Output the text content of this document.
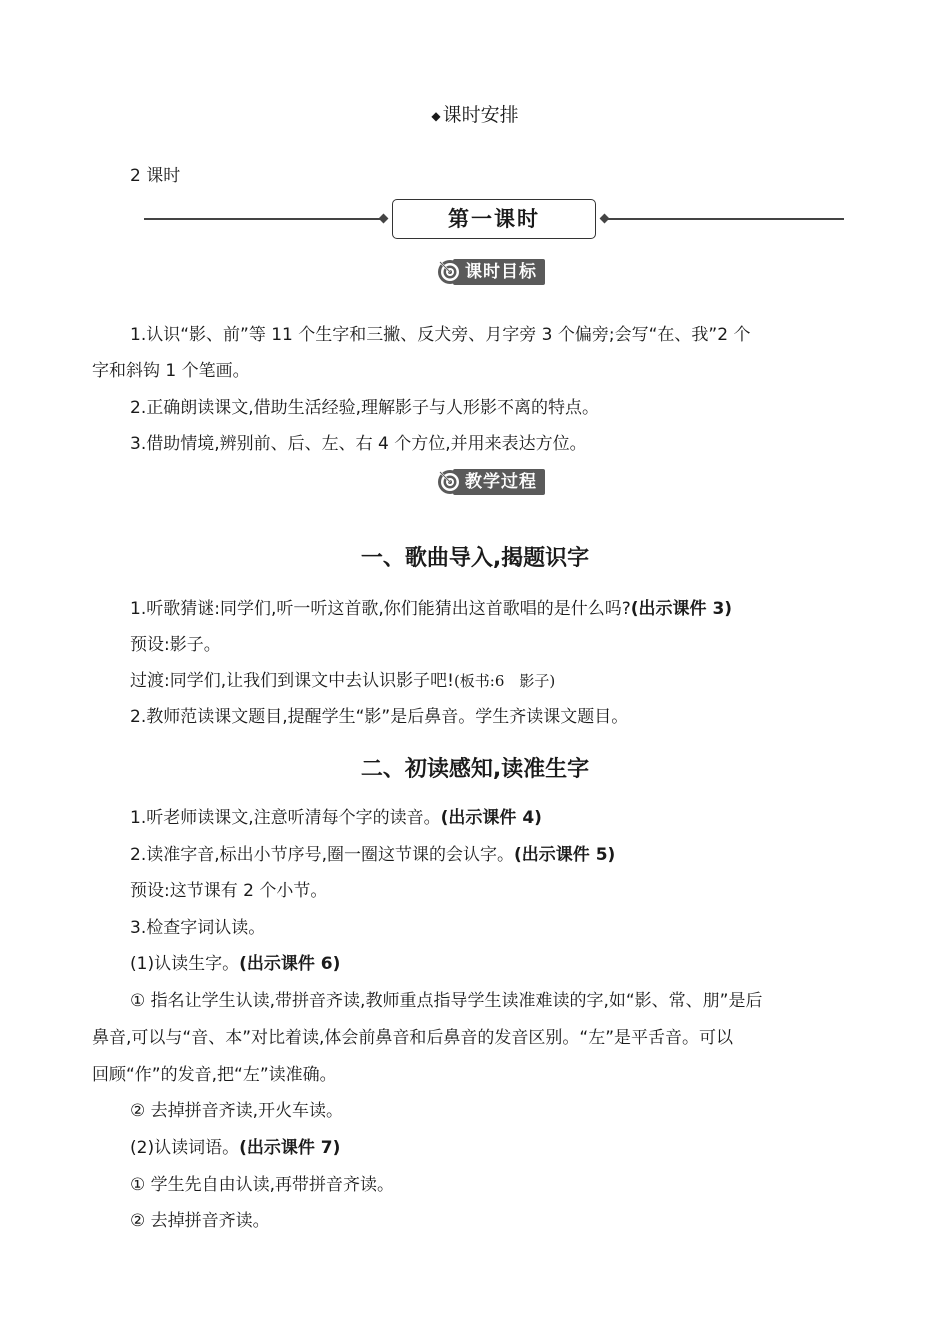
◆ 课时安排
2 课时
第一课时
课时目标
1.认识“影、前”等 11 个生字和三撇、反犬旁、月字旁 3 个偏旁;会写“在、我”2 个
字和斜钩 1 个笔画。
2.正确朗读课文,借助生活经验,理解影子与人形影不离的特点。
3.借助情境,辨别前、后、左、右 4 个方位,并用来表达方位。
教学过程
一、歌曲导入,揭题识字
1.听歌猜谜:同学们,听一听这首歌,你们能猜出这首歌唱的是什么吗?(出示课件 3)
预设:影子。
过渡:同学们,让我们到课文中去认识影子吧!(板书:6　影子)
2.教师范读课文题目,提醒学生“影”是后鼻音。学生齐读课文题目。
二、初读感知,读准生字
1.听老师读课文,注意听清每个字的读音。(出示课件 4)
2.读准字音,标出小节序号,圈一圈这节课的会认字。(出示课件 5)
预设:这节课有 2 个小节。
3.检查字词认读。
(1)认读生字。(出示课件 6)
① 指名让学生认读,带拼音齐读,教师重点指导学生读准难读的字,如“影、常、朋”是后
鼻音,可以与“音、本”对比着读,体会前鼻音和后鼻音的发音区别。“左”是平舌音。可以
回顾“作”的发音,把“左”读准确。
② 去掉拼音齐读,开火车读。
(2)认读词语。(出示课件 7)
① 学生先自由认读,再带拼音齐读。
② 去掉拼音齐读。
